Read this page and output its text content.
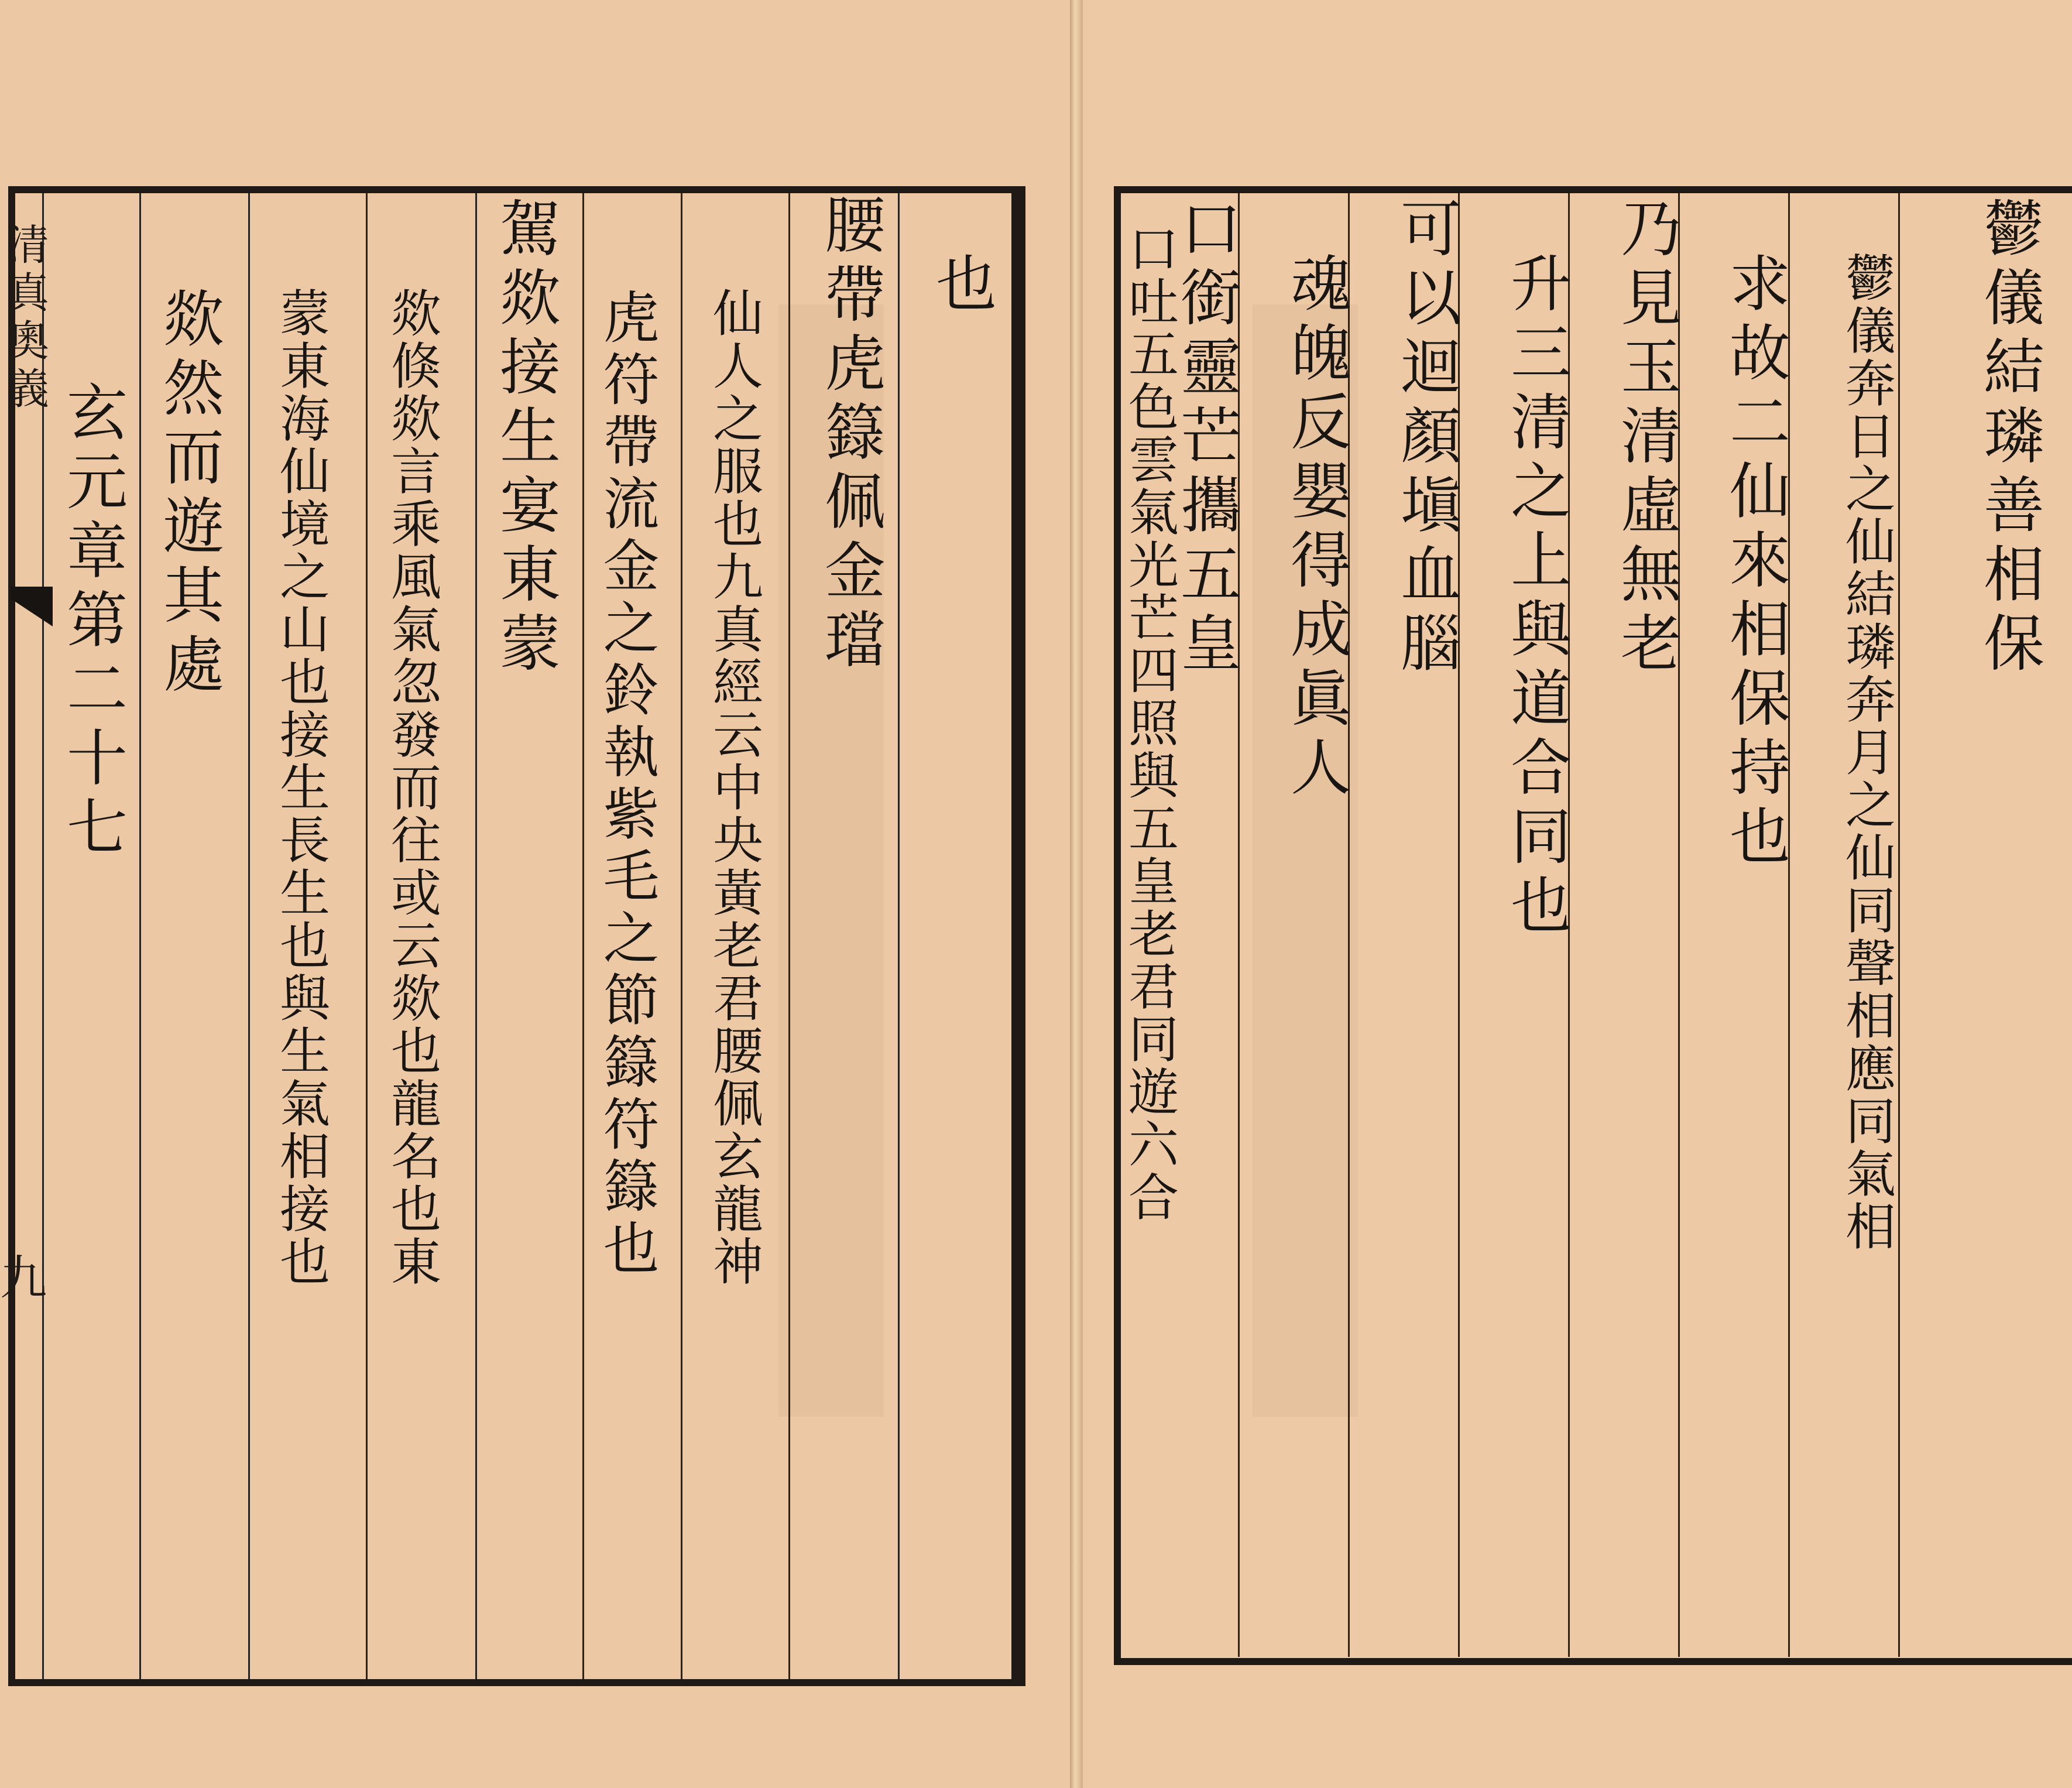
清真奧義
九
也
腰帶虎籙佩金璫
仙人之服也九真經云中央黃老君腰佩玄龍神
虎符帶流金之鈴執紫毛之節籙符籙也
駕欻接生宴東蒙
欻倏欻言乘風氣忽發而往或云欻也龍名也東
蒙東海仙境之山也接生長生也與生氣相接也
欻然而遊其處
玄元章第二十七	鬱儀結璘善相保
鬱儀奔日之仙結璘奔月之仙同聲相應同氣相
求故二仙來相保持也
乃見玉清虛無老
升三清之上與道合同也
可以迴顏塡血腦
魂魄反嬰得成眞人
口銜靈芒攜五皇
口吐五色雲氣光芒四照與五皇老君同遊六合
